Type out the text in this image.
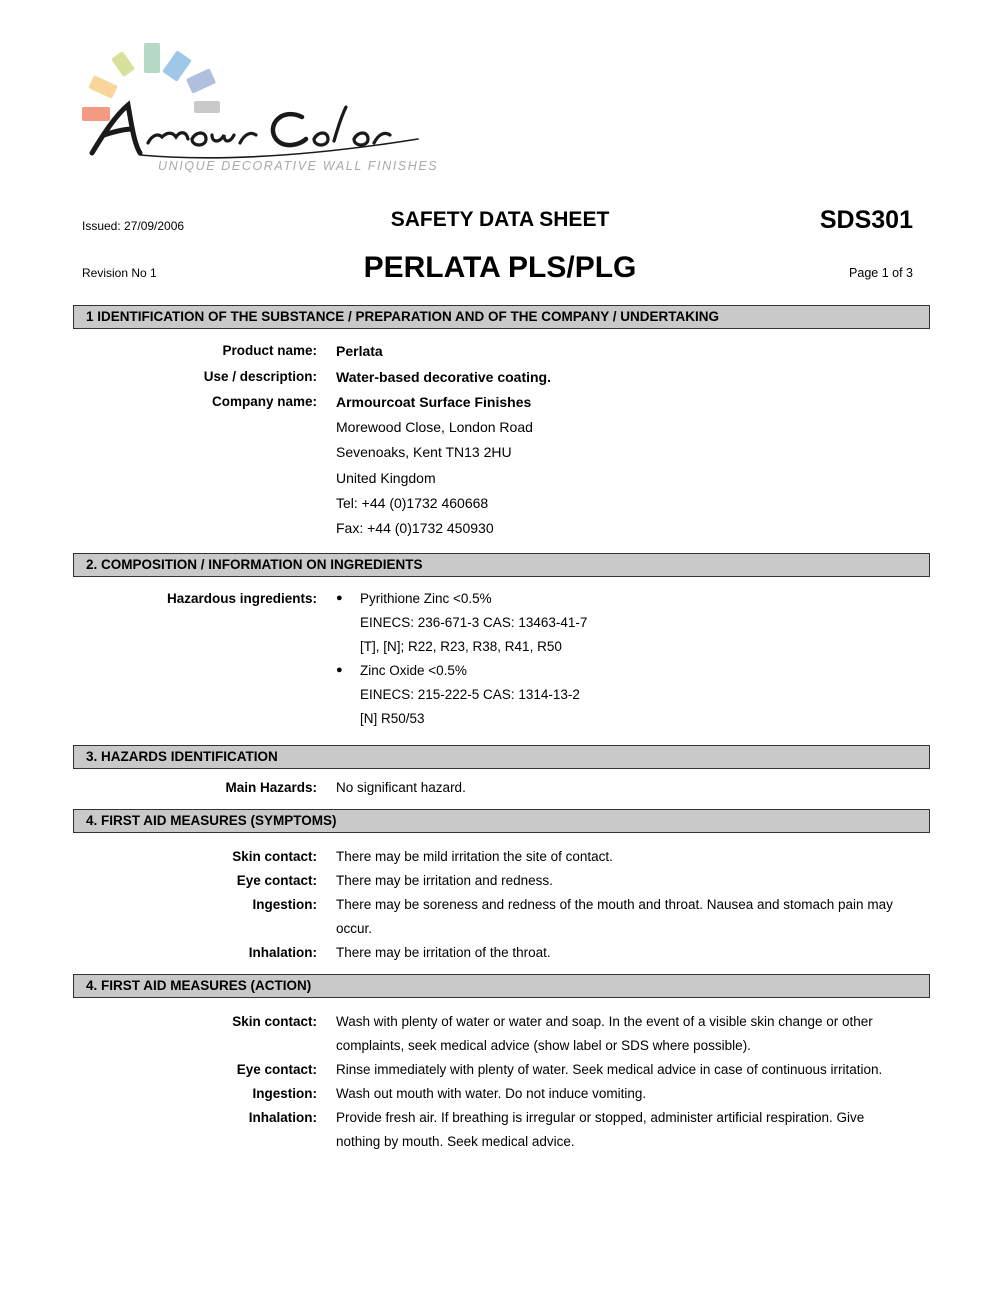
UNIQUE DECORATIVE WALL FINISHES
Issued: 27/09/2006
Revision No 1
SAFETY DATA SHEET
PERLATA PLS/PLG
SDS301
Page 1 of 3
1 IDENTIFICATION OF THE SUBSTANCE / PREPARATION AND OF THE COMPANY / UNDERTAKING
Product name: Perlata
Use / description: Water-based decorative coating.
Company name: Armourcoat Surface Finishes
Morewood Close, London Road
Sevenoaks, Kent TN13 2HU
United Kingdom
Tel: +44 (0)1732 460668
Fax: +44 (0)1732 450930
2. COMPOSITION / INFORMATION ON INGREDIENTS
Hazardous ingredients: ● Pyrithione Zinc <0.5%
EINECS: 236-671-3 CAS: 13463-41-7
[T], [N]; R22, R23, R38, R41, R50
● Zinc Oxide <0.5%
EINECS: 215-222-5 CAS: 1314-13-2
[N] R50/53
3. HAZARDS IDENTIFICATION
Main Hazards: No significant hazard.
4. FIRST AID MEASURES (SYMPTOMS)
Skin contact: There may be mild irritation the site of contact.
Eye contact: There may be irritation and redness.
Ingestion: There may be soreness and redness of the mouth and throat. Nausea and stomach pain may
occur.
Inhalation: There may be irritation of the throat.
4. FIRST AID MEASURES (ACTION)
Skin contact: Wash with plenty of water or water and soap. In the event of a visible skin change or other
complaints, seek medical advice (show label or SDS where possible).
Eye contact: Rinse immediately with plenty of water. Seek medical advice in case of continuous irritation.
Ingestion: Wash out mouth with water. Do not induce vomiting.
Inhalation: Provide fresh air. If breathing is irregular or stopped, administer artificial respiration. Give
nothing by mouth. Seek medical advice.
